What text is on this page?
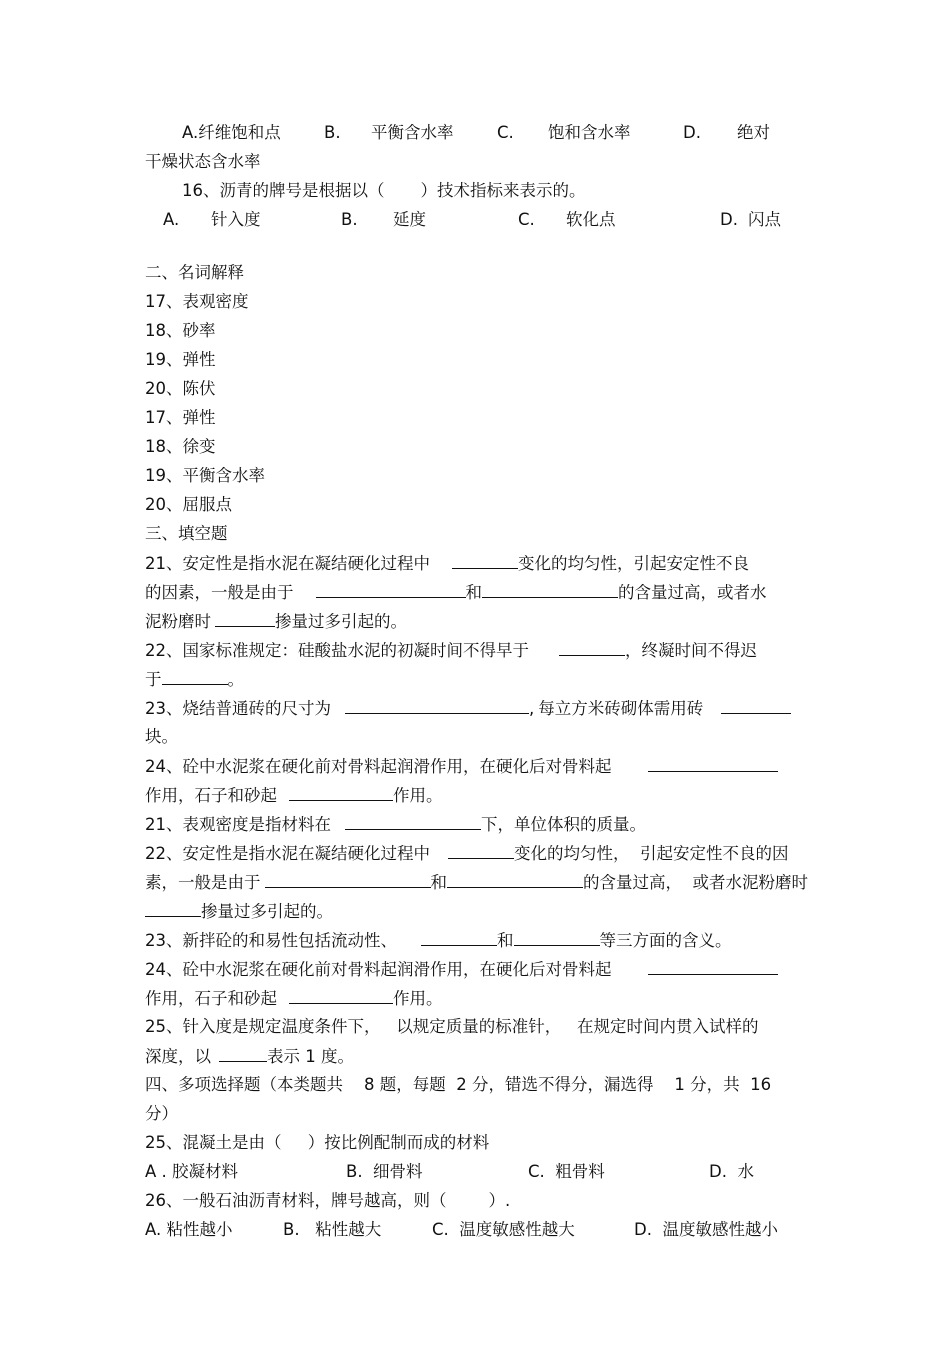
A.纤维饱和点	B. 平衡含水率	C. 饱和含水率	D. 绝对
干燥状态含水率
16、沥青的牌号是根据以（ ）技术指标来表示的。
A. 针入度	B. 延度	C. 软化点	D. 闪点
二、名词解释
17、表观密度
18、砂率
19、弹性
20、陈伏
17、弹性
18、徐变
19、平衡含水率
20、屈服点
三、填空题
21、安定性是指水泥在凝结硬化过程中	变化的均匀性，引起安定性不良
的因素，一般是由于	和	的含量过高，或者水
泥粉磨时	掺量过多引起的。
22、国家标准规定：硅酸盐水泥的初凝时间不得早于	，终凝时间不得迟
于	。
23、烧结普通砖的尺寸为	, 每立方米砖砌体需用砖
块。
24、砼中水泥浆在硬化前对骨料起润滑作用，在硬化后对骨料起
作用，石子和砂起	作用。
21、表观密度是指材料在	下，单位体积的质量。
22、安定性是指水泥在凝结硬化过程中	变化的均匀性，  引起安定性不良的因
素，一般是由于	和	的含量过高，  或者水泥粉磨时
掺量过多引起的。
23、新拌砼的和易性包括流动性、	和	等三方面的含义。
24、砼中水泥浆在硬化前对骨料起润滑作用，在硬化后对骨料起
作用，石子和砂起	作用。
25、针入度是规定温度条件下，   以规定质量的标准针，   在规定时间内贯入试样的
深度，以	表示 1 度。
四、多项选择题（本类题共    8 题，每题  2 分，错选不得分，漏选得    1 分，共  16
分）
25、混凝土是由（     ）按比例配制而成的材料
A . 胶凝材料	B.  细骨料	C.  粗骨料	D.  水
26、一般石油沥青材料，牌号越高，则（        ）.
A. 粘性越小	B.   粘性越大	C.  温度敏感性越大	D.  温度敏感性越小
